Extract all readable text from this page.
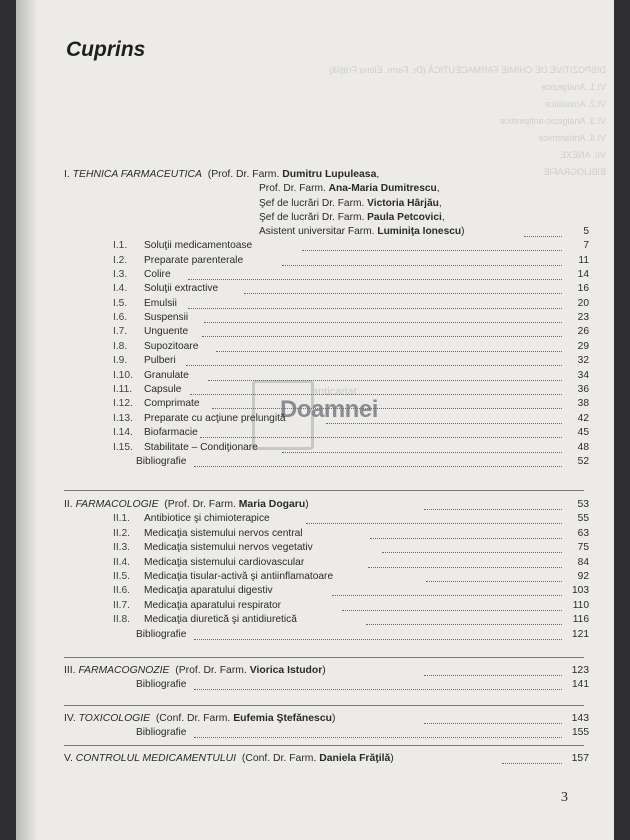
DISPOZITIVE DE CHIMIE FARMACEUTICĂ (Dr. Farm. Elena Frăţilă)
VI.1. Analgezice
VI.2. Anxiolitice
VI.3. Analgezic-antipiretice
VI.4. Antiaritmice
VII. ANEXE
BIBLIOGRAFIE
Cuprins
anticariat
Doamnei
I. TEHNICA FARMACEUTICA (Prof. Dr. Farm. Dumitru Lupuleasa,
Prof. Dr. Farm. Ana-Maria Dumitrescu,
Şef de lucrări Dr. Farm. Victoria Hârjău,
Şef de lucrări Dr. Farm. Paula Petcovici,
Asistent universitar Farm. Luminiţa Ionescu)	5
I.1. Soluţii medicamentoase	7
I.2. Preparate parenterale	11
I.3. Colire	14
I.4. Soluţii extractive	16
I.5. Emulsii	20
I.6. Suspensii	23
I.7. Unguente	26
I.8. Supozitoare	29
I.9. Pulberi	32
I.10. Granulate	34
I.11. Capsule	36
I.12. Comprimate	38
I.13. Preparate cu acţiune prelungită	42
I.14. Biofarmacie	45
I.15. Stabilitate – Condiţionare	48
Bibliografie	52
II. FARMACOLOGIE (Prof. Dr. Farm. Maria Dogaru)	53
II.1. Antibiotice şi chimioterapice	55
II.2. Medicaţia sistemului nervos central	63
II.3. Medicaţia sistemului nervos vegetativ	75
II.4. Medicaţia sistemului cardiovascular	84
II.5. Medicaţia tisular-activă şi antiinflamatoare	92
II.6. Medicaţia aparatului digestiv	103
II.7. Medicaţia aparatului respirator	110
II.8. Medicaţia diuretică şi antidiuretică	116
Bibliografie	121
III. FARMACOGNOZIE (Prof. Dr. Farm. Viorica Istudor)	123
Bibliografie	141
IV. TOXICOLOGIE (Conf. Dr. Farm. Eufemia Ştefănescu)	143
Bibliografie	155
V. CONTROLUL MEDICAMENTULUI (Conf. Dr. Farm. Daniela Frăţilă)	157
3
